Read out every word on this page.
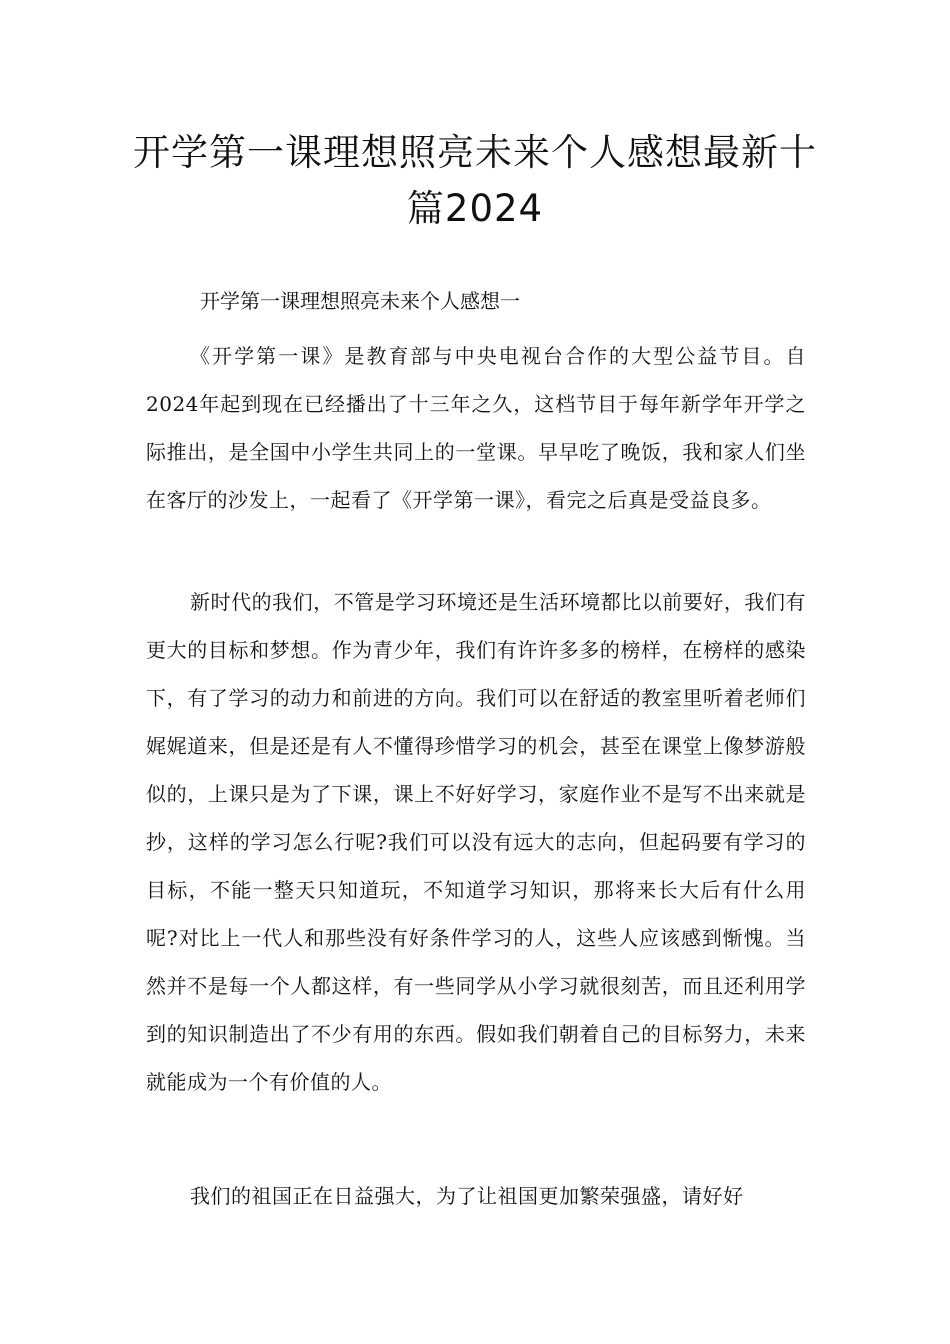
开学第一课理想照亮未来个人感想最新十篇2024

开学第一课理想照亮未来个人感想一

《开学第一课》是教育部与中央电视台合作的大型公益节目。自2024年起到现在已经播出了十三年之久，这档节目于每年新学年开学之际推出，是全国中小学生共同上的一堂课。早早吃了晚饭，我和家人们坐在客厅的沙发上，一起看了《开学第一课》，看完之后真是受益良多。

新时代的我们，不管是学习环境还是生活环境都比以前要好，我们有更大的目标和梦想。作为青少年，我们有许许多多的榜样，在榜样的感染下，有了学习的动力和前进的方向。我们可以在舒适的教室里听着老师们娓娓道来，但是还是有人不懂得珍惜学习的机会，甚至在课堂上像梦游般似的，上课只是为了下课，课上不好好学习，家庭作业不是写不出来就是抄，这样的学习怎么行呢?我们可以没有远大的志向，但起码要有学习的目标，不能一整天只知道玩，不知道学习知识，那将来长大后有什么用呢?对比上一代人和那些没有好条件学习的人，这些人应该感到惭愧。当然并不是每一个人都这样，有一些同学从小学习就很刻苦，而且还利用学到的知识制造出了不少有用的东西。假如我们朝着自己的目标努力，未来就能成为一个有价值的人。

我们的祖国正在日益强大，为了让祖国更加繁荣强盛，请好好
